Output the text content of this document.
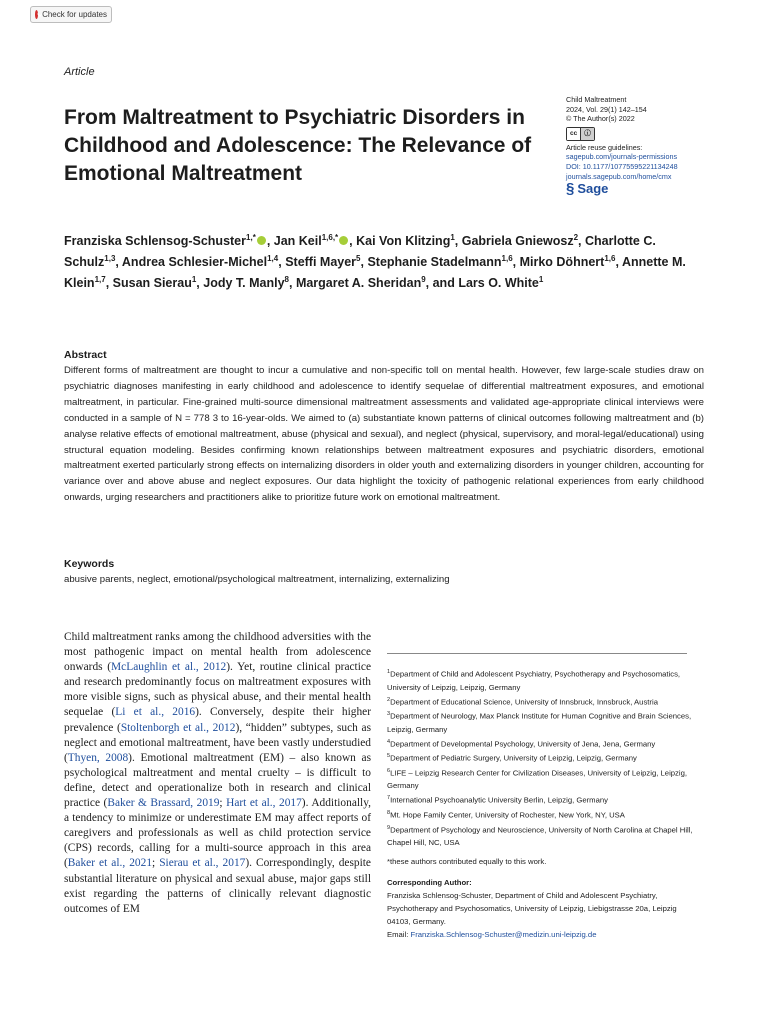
Check for updates
Article
From Maltreatment to Psychiatric Disorders in Childhood and Adolescence: The Relevance of Emotional Maltreatment
Child Maltreatment
2024, Vol. 29(1) 142–154
© The Author(s) 2022
cc	ⓘ
Article reuse guidelines:
sagepub.com/journals-permissions
DOI: 10.1177/10775595221134248
journals.sagepub.com/home/cmx
§ Sage
Franziska Schlensog-Schuster$^{1,*}$ , Jan Keil$^{1,6,*}$ , Kai Von Klitzing$^1$, Gabriela Gniewosz$^2$, Charlotte C. Schulz$^{1,3}$, Andrea Schlesier-Michel$^{1,4}$, Steffi Mayer$^5$, Stephanie Stadelmann$^{1,6}$, Mirko Döhnert$^{1,6}$, Annette M. Klein$^{1,7}$, Susan Sierau$^1$, Jody T. Manly$^8$, Margaret A. Sheridan$^9$, and Lars O. White$^1$
Abstract
Different forms of maltreatment are thought to incur a cumulative and non-specific toll on mental health. However, few large-scale studies draw on psychiatric diagnoses manifesting in early childhood and adolescence to identify sequelae of differential maltreatment exposures, and emotional maltreatment, in particular. Fine-grained multi-source dimensional maltreatment assessments and validated age-appropriate clinical interviews were conducted in a sample of N = 778 3 to 16-year-olds. We aimed to (a) substantiate known patterns of clinical outcomes following maltreatment and (b) analyse relative effects of emotional maltreatment, abuse (physical and sexual), and neglect (physical, supervisory, and moral-legal/educational) using structural equation modeling. Besides confirming known relationships between maltreatment exposures and psychiatric disorders, emotional maltreatment exerted particularly strong effects on internalizing disorders in older youth and externalizing disorders in younger children, accounting for variance over and above abuse and neglect exposures. Our data highlight the toxicity of pathogenic relational experiences from early childhood onwards, urging researchers and practitioners alike to prioritize future work on emotional maltreatment.
Keywords
abusive parents, neglect, emotional/psychological maltreatment, internalizing, externalizing
Child maltreatment ranks among the childhood adversities with the most pathogenic impact on mental health from adolescence onwards (McLaughlin et al., 2012). Yet, routine clinical practice and research predominantly focus on maltreatment exposures with more visible signs, such as physical abuse, and their mental health sequelae (Li et al., 2016). Conversely, despite their higher prevalence (Stoltenborgh et al., 2012), “hidden” subtypes, such as neglect and emotional maltreatment, have been vastly understudied (Thyen, 2008). Emotional maltreatment (EM) – also known as psychological maltreatment and mental cruelty – is difficult to define, detect and operationalize both in research and clinical practice (Baker & Brassard, 2019; Hart et al., 2017). Additionally, a tendency to minimize or underestimate EM may affect reports of caregivers and professionals as well as child protection service (CPS) records, calling for a multi-source approach in this area (Baker et al., 2021; Sierau et al., 2017). Correspondingly, despite substantial literature on physical and sexual abuse, major gaps still exist regarding the patterns of clinically relevant diagnostic outcomes of EM
$^1$Department of Child and Adolescent Psychiatry, Psychotherapy and Psychosomatics, University of Leipzig, Leipzig, Germany
$^2$Department of Educational Science, University of Innsbruck, Innsbruck, Austria
$^3$Department of Neurology, Max Planck Institute for Human Cognitive and Brain Sciences, Leipzig, Germany
$^4$Department of Developmental Psychology, University of Jena, Jena, Germany
$^5$Department of Pediatric Surgery, University of Leipzig, Leipzig, Germany
$^6$LIFE – Leipzig Research Center for Civilization Diseases, University of Leipzig, Leipzig, Germany
$^7$International Psychoanalytic University Berlin, Leipzig, Germany
$^8$Mt. Hope Family Center, University of Rochester, New York, NY, USA
$^9$Department of Psychology and Neuroscience, University of North Carolina at Chapel Hill, Chapel Hill, NC, USA
*these authors contributed equally to this work.
Corresponding Author:
Franziska Schlensog-Schuster, Department of Child and Adolescent Psychiatry, Psychotherapy and Psychosomatics, University of Leipzig, Liebigstrasse 20a, Leipzig 04103, Germany.
Email: Franziska.Schlensog-Schuster@medizin.uni-leipzig.de
